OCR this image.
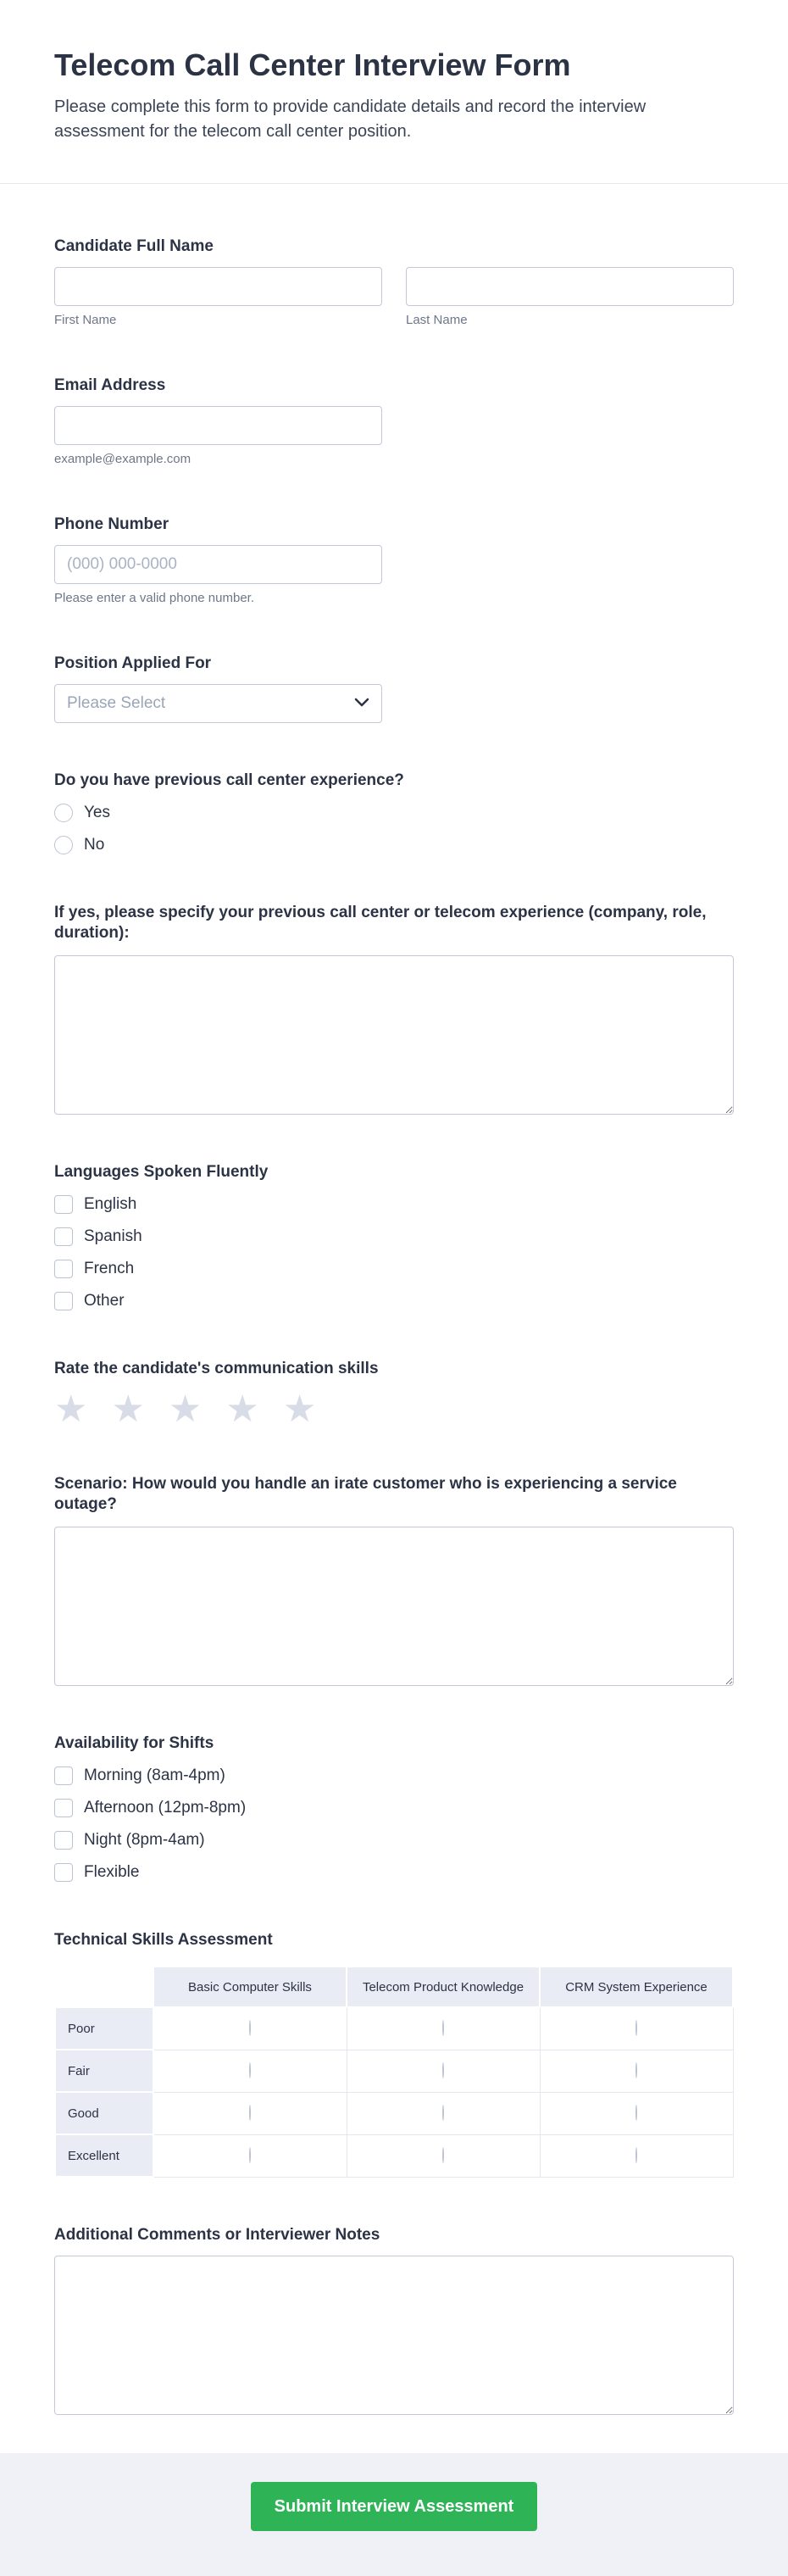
Telecom Call Center Interview Form

Please complete this form to provide candidate details and record the interview assessment for the telecom call center position.

Candidate Full Name
First Name	Last Name
Email Address
example@example.com
Phone Number
(000) 000-0000
Please enter a valid phone number.
Position Applied For
Please Select
Do you have previous call center experience?
Yes
No
If yes, please specify your previous call center or telecom experience (company, role, duration):
Languages Spoken Fluently
English
Spanish
French
Other
Rate the candidate's communication skills
★ ★ ★ ★ ★
Scenario: How would you handle an irate customer who is experiencing a service outage?
Availability for Shifts
Morning (8am-4pm)
Afternoon (12pm-8pm)
Night (8pm-4am)
Flexible
Technical Skills Assessment
	Basic Computer Skills	Telecom Product Knowledge	CRM System Experience
Poor			
Fair			
Good			
Excellent			
Additional Comments or Interviewer Notes
Submit Interview Assessment
